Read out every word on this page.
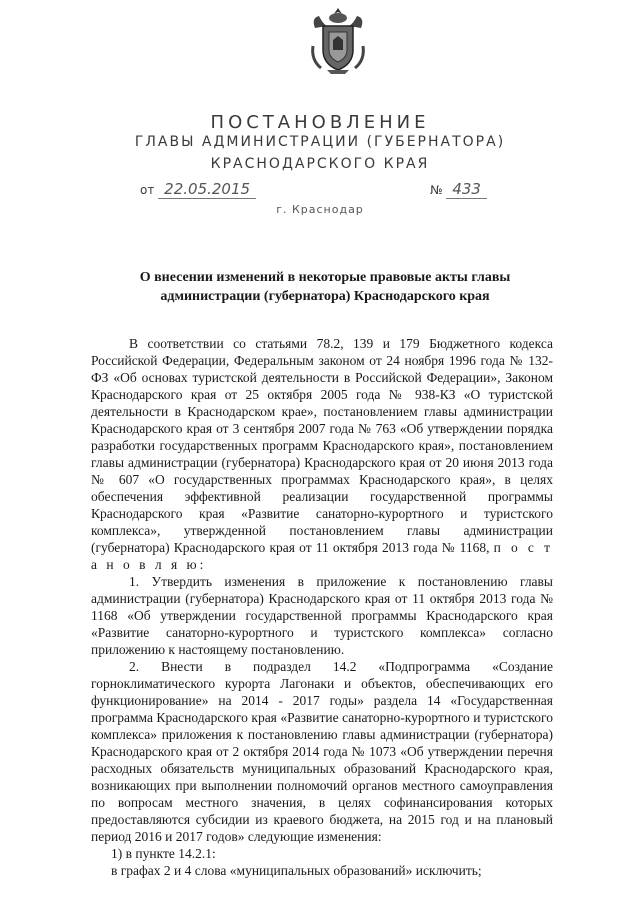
ПОСТАНОВЛЕНИЕ
ГЛАВЫ АДМИНИСТРАЦИИ (ГУБЕРНАТОРА)
КРАСНОДАРСКОГО КРАЯ
от 22.05.2015	№ 433
г. Краснодар
О внесении изменений в некоторые правовые акты главы администрации (губернатора) Краснодарского края

В соответствии со статьями 78.2, 139 и 179 Бюджетного кодекса Российской Федерации, Федеральным законом от 24 ноября 1996 года № 132-ФЗ «Об основах туристской деятельности в Российской Федерации», Законом Краснодарского края от 25 октября 2005 года № 938-КЗ «О туристской деятельности в Краснодарском крае», постановлением главы администрации Краснодарского края от 3 сентября 2007 года № 763 «Об утверждении порядка разработки государственных программ Краснодарского края», постановлением главы администрации (губернатора) Краснодарского края от 20 июня 2013 года № 607 «О государственных программах Краснодарского края», в целях обеспечения эффективной реализации государственной программы Краснодарского края «Развитие санаторно-курортного и туристского комплекса», утвержденной постановлением главы администрации (губернатора) Краснодарского края от 11 октября 2013 года № 1168, п о с т а н о в л я ю:

1. Утвердить изменения в приложение к постановлению главы администрации (губернатора) Краснодарского края от 11 октября 2013 года № 1168 «Об утверждении государственной программы Краснодарского края «Развитие санаторно-курортного и туристского комплекса» согласно приложению к настоящему постановлению.

2. Внести в подраздел 14.2 «Подпрограмма «Создание горноклиматического курорта Лагонаки и объектов, обеспечивающих его функционирование» на 2014 - 2017 годы» раздела 14 «Государственная программа Краснодарского края «Развитие санаторно-курортного и туристского комплекса» приложения к постановлению главы администрации (губернатора) Краснодарского края от 2 октября 2014 года № 1073 «Об утверждении перечня расходных обязательств муниципальных образований Краснодарского края, возникающих при выполнении полномочий органов местного самоуправления по вопросам местного значения, в целях софинансирования которых предоставляются субсидии из краевого бюджета, на 2015 год и на плановый период 2016 и 2017 годов» следующие изменения:

1) в пункте 14.2.1:

в графах 2 и 4 слова «муниципальных образований» исключить;
